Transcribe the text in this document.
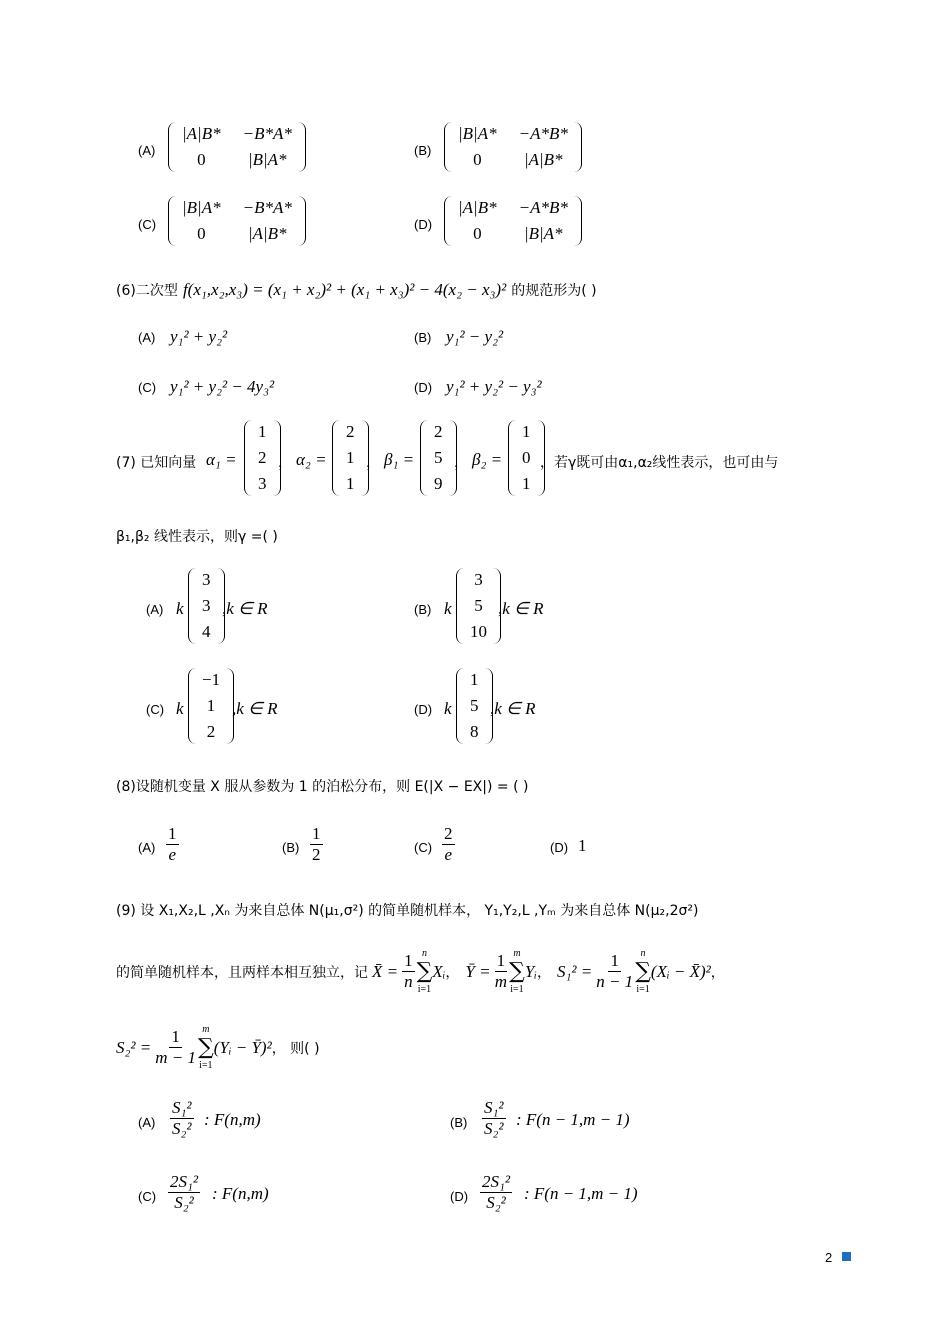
(A)
|A|B* −B*A*
0	|B|A*	(B)
|B|A* −A*B*
0	|A|B*
(C)
|B|A* −B*A*
0	|A|B*	(D)
|A|B* −A*B*
0	|B|A*
(6)二次型 f(x₁,x₂,x₃) = (x₁ + x₂)² + (x₁ + x₃)² − 4(x₂ − x₃)² 的规范形为( )
(A) y₁² + y₂²	(B) y₁² − y₂²
(C) y₁² + y₂² − 4y₃²	(D) y₁² + y₂² − y₃²
(7) 已知向量 α₁ =
1
2
3
， α₂ =
2
1
1
， β₁ =
2
5
9
， β₂ =
1
0
1
，若γ既可由α₁,α₂线性表示，也可由与
β₁,β₂ 线性表示，则γ =( )
(A) k
3
3
4
,k ∈ R	(B) k
3
5
10
,k ∈ R
(C) k
−1
1
2
,k ∈ R	(D) k
1
5
8
,k ∈ R
(8)设随机变量 X 服从参数为 1 的泊松分布，则 E(|X − EX|) = ( )
$(A) \frac{1}{e}$	$(B) \frac{1}{2}$	$(C) \frac{2}{e}$	(D) 1
(9) 设 X₁,X₂,L ,Xₙ 为来自总体 N(μ₁,σ²) 的简单随机样本， Y₁,Y₂,L ,Yₘ 为来自总体 N(μ₂,2σ²)
的简单随机样本，且两样本相互独立，记 X̄ = $\frac{1}{n}$ n
∑
i=1
Xᵢ ， Ȳ = $\frac{1}{m}$ m
∑
i=1
Yᵢ ， $S_1^2 = \frac{1}{n - 1}$ n
∑
i=1
(Xᵢ − X̄)² ，
$S_2^2 = \frac{1}{m - 1}$ m
∑
i=1
(Yᵢ − Ȳ)² ， 则( )
$(A) \frac{\text{S₁²}}{\text{S₂²}}$ : F(n,m)	$(B) \frac{\text{S₁²}}{\text{S₂²}}$ : F(n − 1,m − 1)
$(C) \frac{\text{2S₁²}}{\text{S₂²}}$ : F(n,m)	$(D) \frac{\text{2S₁²}}{\text{S₂²}}$ : F(n − 1,m − 1)
2
